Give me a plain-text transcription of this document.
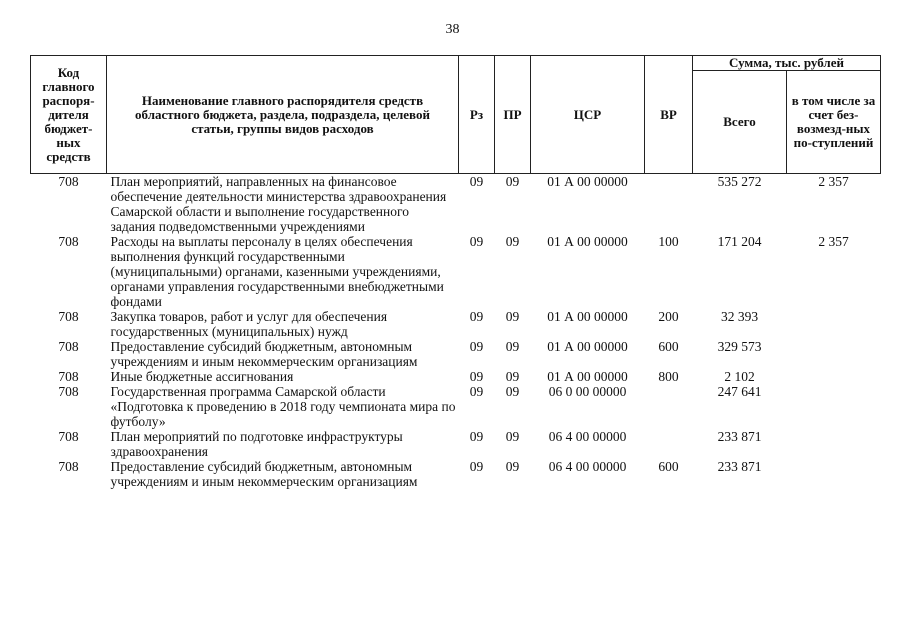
38
Код главного распоря-дителя бюджет-ных средств	Наименование главного распорядителя средств областного бюджета, раздела, подраздела, целевой статьи, группы видов расходов	Рз	ПР	ЦСР	ВР	Сумма, тыс. рублей	
						Всего	в том числе за счет без-возмезд-ных по-ступлений
708	План мероприятий, направленных на финансовое обеспечение деятельности министерства здравоохранения Самарской области и выполнение государственного задания подведомственными учреждениями	09	09	01 А 00 00000		535 272	2 357
708	Расходы на выплаты персоналу в целях обеспечения выполнения функций государственными (муниципальными) органами, казенными учреждениями, органами управления государственными внебюджетными фондами	09	09	01 А 00 00000	100	171 204	2 357
708	Закупка товаров, работ и услуг для обеспечения государственных (муниципальных) нужд	09	09	01 А 00 00000	200	32 393	
708	Предоставление субсидий бюджетным, автономным учреждениям и иным некоммерческим организациям	09	09	01 А 00 00000	600	329 573	
708	Иные бюджетные ассигнования	09	09	01 А 00 00000	800	2 102	
708	Государственная программа Самарской области «Подготовка к проведению в 2018 году чемпионата мира по футболу»	09	09	06 0 00 00000		247 641	
708	План мероприятий по подготовке инфраструктуры здравоохранения	09	09	06 4 00 00000		233 871	
708	Предоставление субсидий бюджетным, автономным учреждениям и иным некоммерческим организациям	09	09	06 4 00 00000	600	233 871	
